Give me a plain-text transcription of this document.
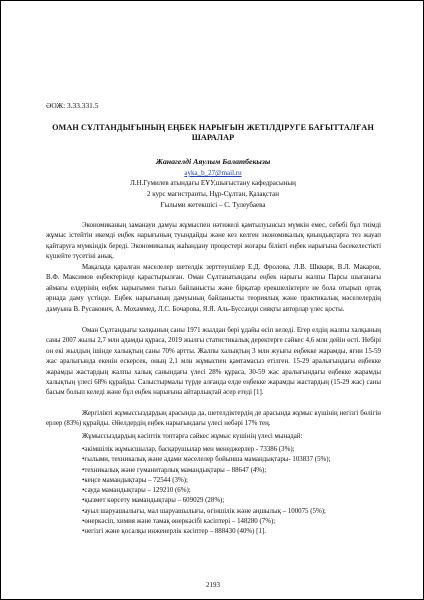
ӘОЖ: 3.33.331.5
ОМАН СҰЛТАНДЫҒЫНЫҢ ЕҢБЕК НАРЫҒЫН ЖЕТІЛДІРУГЕ БАҒЫТТАЛҒАН ШАРАЛАР
Жанагелді Аяулым Балатбекызы
ayka_b_27@mail.ru
Л.Н.Гумилев атындағы ЕҰУ,шығыстану кафедрасының
2 курс магистранты, Нұр-Сұлтан, Қазақстан
Ғылыми жетекшісі – С. Тулеубаева

Экономиканың заманауи дамуы жұмыспен нәтижелі қамтылуынсыз мүмкін емес, себебі бұл тиімді жұмыс істейтін икемді еңбек нарығының туындайды және кез келген экономикалық қиындықтарға тез жауап қайтаруға мүмкіндік береді. Экономикалық жаһандану процестері жоғары білікті еңбек нарығына бәсекелестікті күшейте түсетіні анық.

Мақалада қаралған мәселелер шетелдік зерттеушілер Е.Д. Фролова, Л.В. Шкваря, В.Л. Макаров, В.Ф. Максимов еңбектерінде қарастырылған. Оман Сұлтанатындағы еңбек нарығы жалпы Парсы шығанағы аймағы елдерінің еңбек нарығымен тығыз байланысты және бірқатар ерекшеліктерге ие бола отырып ортақ арнада даму үстінде. Еңбек нарығының дамуының байланысты теориялық және практикалық мәселелердің дамуына В. Русакович, А. Мохаммед, Л.С. Бочарова, Я.Я. Аль-Буссаиди сияқты авторлар үлес қосты.

Оман Сұлтандығы халқының саны 1971 жылдан бері ұдайы өсіп келеді. Егер елдің жалпы халқының саны 2007 жылы 2,7 млн адамды құраса, 2019 жылғы статистикалық деректерге сәйкес 4,6 млн дейін өсті. Небірі он екі жылдың ішінде халықтың саны 70% артты. Жалпы халықтың 3 млн жуығы еңбекке жарамды, яғни 15-59 жас аралығында екенін ескерсек, оның 2,1 млн жұмыспен қамтамасыз етілген. 15-29 аралығындағы еңбекке жарамды жастардың жалпы халық санындағы үлесі 28% құраса, 30-59 жас аралығындағы еңбекке жарамды халықтың үлесі 68% құрайды. Салыстырмалы түрде алғанда елде еңбекке жарамды жастардың (15-29 жас) саны басым болып келеді және бұл еңбек нарығына айтарлықтай әсер етеді [1].

Жергілікті жұмыссыздардың арасында да, шетелдіктердің де арасында жұмыс күшінің негізгі бөлігін ерлер (83%) құрайды. Әйелдердің еңбек нарығындағы үлесі небәрі 17% тең.

Жұмыссыздардың кәсіптік топтарға сәйкес жұмыс күшінің үлесі мынадай:
•әкімшілік жұмысшылар, басқарушылар мен менеджерлер - 73386 (3%);
•ғылыми, техникалық және адами мәселелер бойынша мамандықтары- 103837 (5%);
•техникалық және гуманитарлық мамандықтары – 88647 (4%);
•кеңсе мамандықтары – 72544 (3%);
•сауда мамандықтары – 129210 (6%);
•қызмет көрсету мамандықтары – 609029 (28%);
•ауыл шаруашылығы, мал шаруашылығы, өгіншілік және аңшылық – 100075 (5%);
•өнеркәсіп, химия және тамақ өнеркәсібі кәсіптері – 148280 (7%);
•негізгі және қосалқы инженерлік кәсіптер – 888430 (40%) [1].
2193
